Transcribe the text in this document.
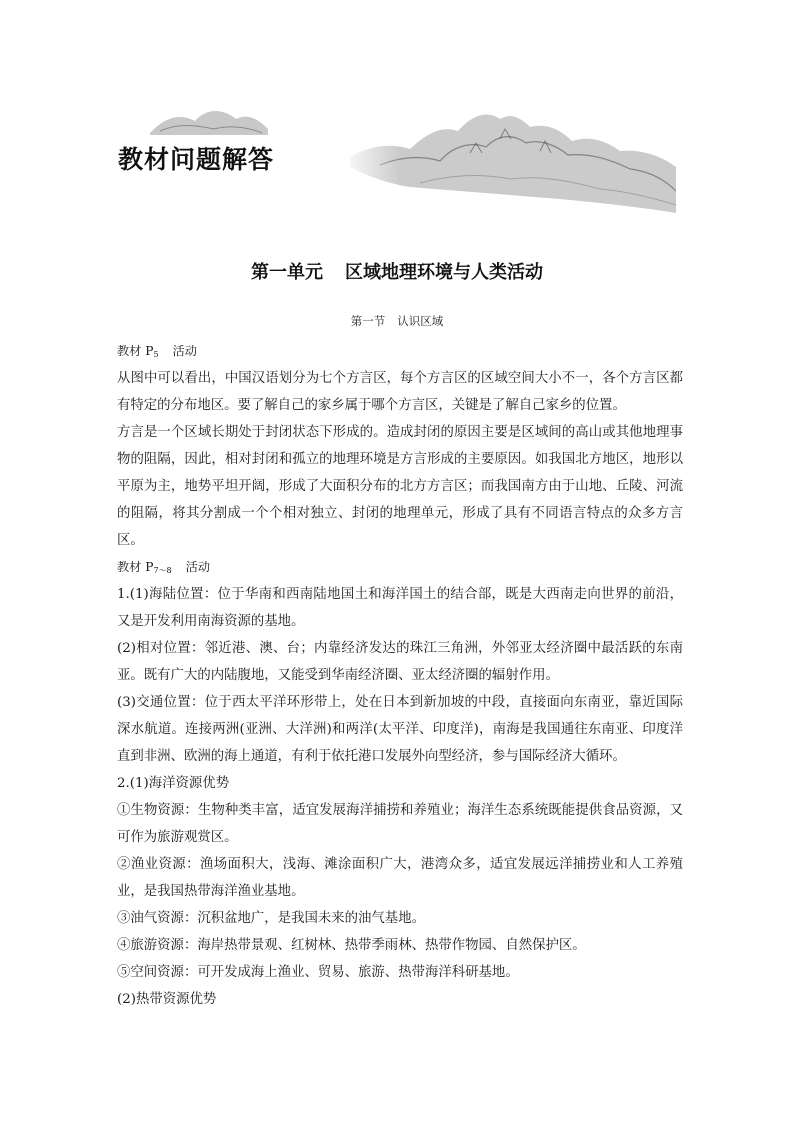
教材问题解答
第一单元 区域地理环境与人类活动
第一节 认识区域

教材 $P_5$ 活动

从图中可以看出，中国汉语划分为七个方言区，每个方言区的区域空间大小不一，各个方言区都有特定的分布地区。要了解自己的家乡属于哪个方言区，关键是了解自己家乡的位置。

方言是一个区域长期处于封闭状态下形成的。造成封闭的原因主要是区域间的高山或其他地理事物的阻隔，因此，相对封闭和孤立的地理环境是方言形成的主要原因。如我国北方地区，地形以平原为主，地势平坦开阔，形成了大面积分布的北方方言区；而我国南方由于山地、丘陵、河流的阻隔，将其分割成一个个相对独立、封闭的地理单元，形成了具有不同语言特点的众多方言区。

教材 $P_{7\sim 8}$ 活动

1.(1)海陆位置：位于华南和西南陆地国土和海洋国土的结合部，既是大西南走向世界的前沿，又是开发利用南海资源的基地。

(2)相对位置：邻近港、澳、台；内靠经济发达的珠江三角洲，外邻亚太经济圈中最活跃的东南亚。既有广大的内陆腹地，又能受到华南经济圈、亚太经济圈的辐射作用。

(3)交通位置：位于西太平洋环形带上，处在日本到新加坡的中段，直接面向东南亚，靠近国际深水航道。连接两洲(亚洲、大洋洲)和两洋(太平洋、印度洋)，南海是我国通往东南亚、印度洋直到非洲、欧洲的海上通道，有利于依托港口发展外向型经济，参与国际经济大循环。

2.(1)海洋资源优势

①生物资源：生物种类丰富，适宜发展海洋捕捞和养殖业；海洋生态系统既能提供食品资源，又可作为旅游观赏区。

②渔业资源：渔场面积大，浅海、滩涂面积广大，港湾众多，适宜发展远洋捕捞业和人工养殖业，是我国热带海洋渔业基地。

③油气资源：沉积盆地广，是我国未来的油气基地。

④旅游资源：海岸热带景观、红树林、热带季雨林、热带作物园、自然保护区。

⑤空间资源：可开发成海上渔业、贸易、旅游、热带海洋科研基地。

(2)热带资源优势
